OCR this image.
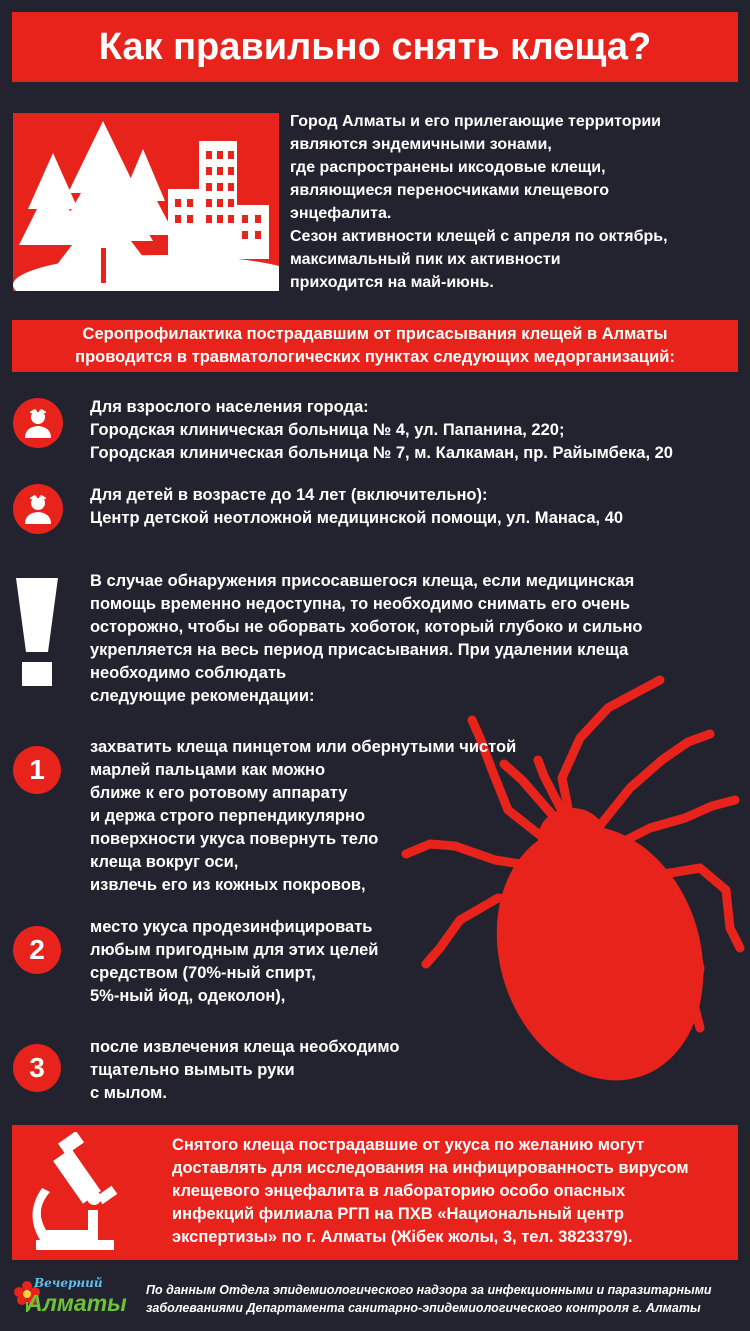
Как правильно снять клеща?
Город Алматы и его прилегающие территории
являются эндемичными зонами,
где распространены иксодовые клещи,
являющиеся переносчиками клещевого
энцефалита.
Сезон активности клещей с апреля по октябрь,
максимальный пик их активности
приходится на май-июнь.
Серопрофилактика пострадавшим от присасывания клещей в Алматы
проводится в травматологических пунктах следующих медорганизаций:
Для взрослого населения города:
Городская клиническая больница № 4, ул. Папанина, 220;
Городская клиническая больница № 7, м. Калкаман, пр. Райымбека, 20
Для детей в возрасте до 14 лет (включительно):
Центр детской неотложной медицинской помощи, ул. Манаса, 40
В случае обнаружения присосавшегося клеща, если медицинская
помощь временно недоступна, то необходимо снимать его очень
осторожно, чтобы не оборвать хоботок, который глубоко и сильно
укрепляется на весь период присасывания. При удалении клеща
необходимо соблюдать
следующие рекомендации:
1
захватить клеща пинцетом или обернутыми чистой
марлей пальцами как можно
ближе к его ротовому аппарату
и держа строго перпендикулярно
поверхности укуса повернуть тело
клеща вокруг оси,
извлечь его из кожных покровов,
2
место укуса продезинфицировать
любым пригодным для этих целей
средством (70%-ный спирт,
5%-ный йод, одеколон),
3
после извлечения клеща необходимо
тщательно вымыть руки
с мылом.
Снятого клеща пострадавшие от укуса по желанию могут
доставлять для исследования на инфицированность вирусом
клещевого энцефалита в лабораторию особо опасных
инфекций филиала РГП на ПХВ «Национальный центр
экспертизы» по г. Алматы (Жібек жолы, 3, тел. 3823379).
Вечерний
Алматы По данным Отдела эпидемиологического надзора за инфекционными и паразитарными
заболеваниями Департамента санитарно-эпидемиологического контроля г. Алматы
